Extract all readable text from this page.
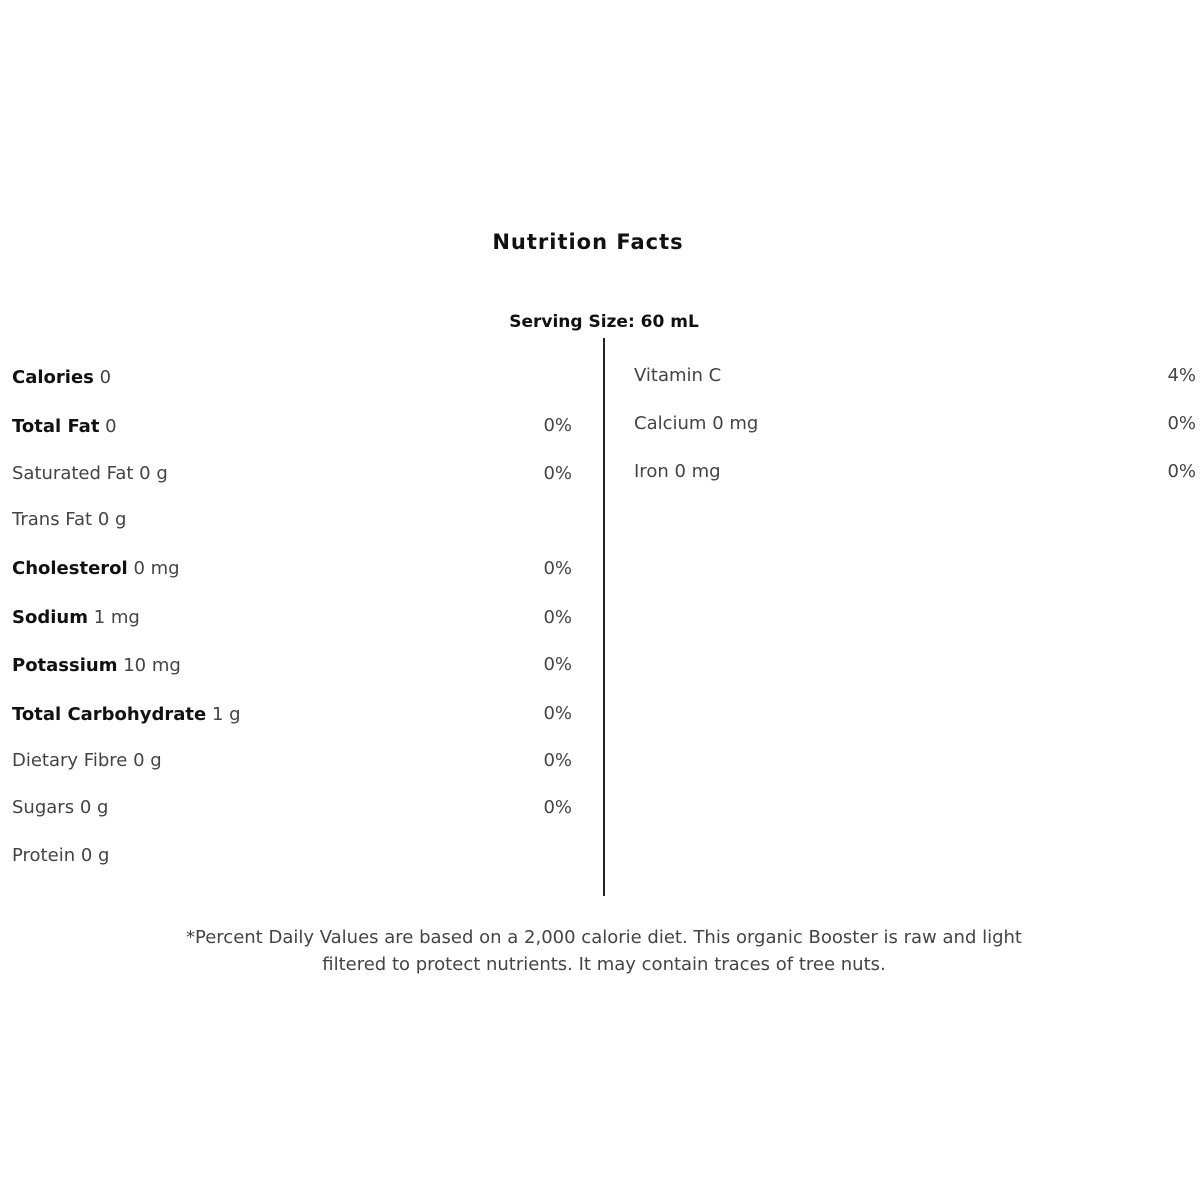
Nutrition Facts
Serving Size: 60 mL
Calories 0
Total Fat 0	0%
Saturated Fat 0 g	0%
Trans Fat 0 g
Cholesterol 0 mg	0%
Sodium 1 mg	0%
Potassium 10 mg	0%
Total Carbohydrate 1 g	0%
Dietary Fibre 0 g	0%
Sugars 0 g	0%
Protein 0 g
Vitamin C	4%
Calcium 0 mg	0%
Iron 0 mg	0%
*Percent Daily Values are based on a 2,000 calorie diet. This organic Booster is raw and light
filtered to protect nutrients. It may contain traces of tree nuts.
